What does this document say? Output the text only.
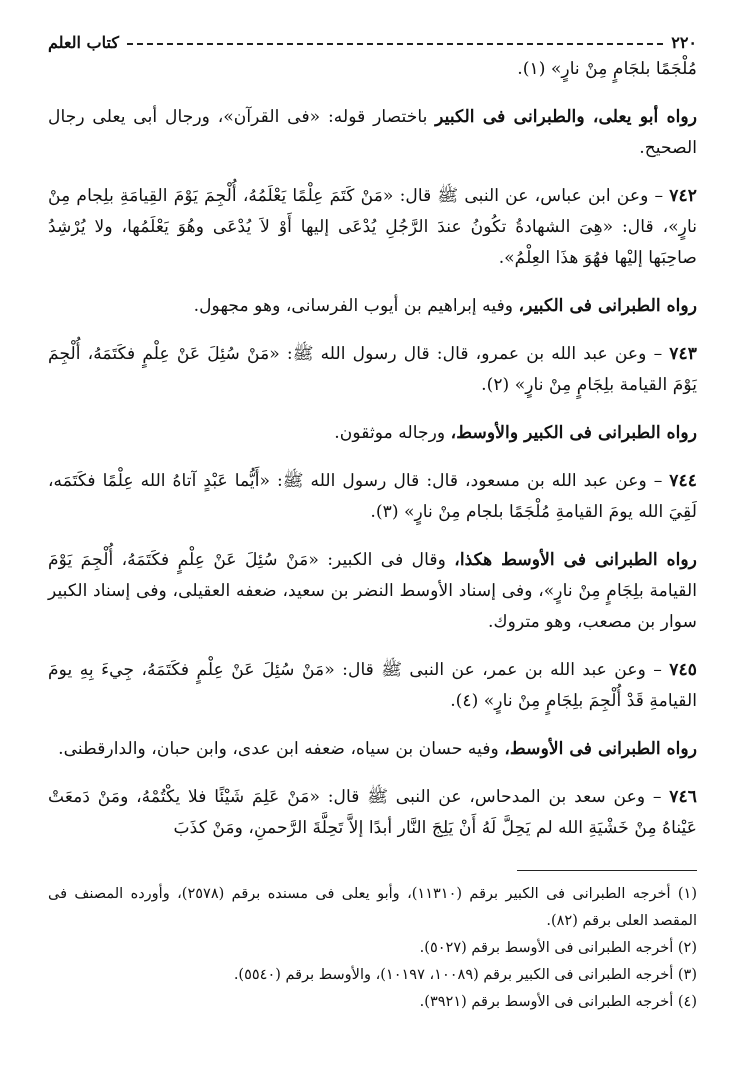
٢٢٠
كتاب العلم

مُلْجَمًا بلجَامٍ مِنْ نارٍ» (١).

رواه أبو يعلى، والطبرانى فى الكبير باختصار قوله: «فى القرآن»، ورجال أبى يعلى رجال الصحيح.

٧٤٢ – وعن ابن عباس، عن النبى ﷺ قال: «مَنْ كَتَمَ عِلْمًا يَعْلَمُهُ، أُلْجِمَ يَوْمَ القِيامَةِ بلِجام مِنْ نارٍ»، قال: «هِىَ الشهادةُ تكُونُ عندَ الرَّجُلِ يُدْعَى إليها أَوْ لاَ يُدْعَى وهُوَ يَعْلَمُها، ولا يُرْشِدُ صاحِبَها إليْها فهُوَ هذَا العِلْمُ».

رواه الطبرانى فى الكبير، وفيه إبراهيم بن أيوب الفرسانى، وهو مجهول.

٧٤٣ – وعن عبد الله بن عمرو، قال: قال رسول الله ﷺ: «مَنْ سُئِلَ عَنْ عِلْمٍ فكَتَمَهُ، أُلْجِمَ يَوْمَ القيامة بلِجَامٍ مِنْ نارٍ» (٢).

رواه الطبرانى فى الكبير والأوسط، ورجاله موثقون.

٧٤٤ – وعن عبد الله بن مسعود، قال: قال رسول الله ﷺ: «أَيُّما عَبْدٍ آتاهُ الله عِلْمًا فكَتَمَه، لَقِيَ الله يومَ القيامةِ مُلْجَمًا بلجام مِنْ نارٍ» (٣).

رواه الطبرانى فى الأوسط هكذا، وقال فى الكبير: «مَنْ سُئِلَ عَنْ عِلْمٍ فكَتَمَهُ، أُلْجِمَ يَوْمَ القيامة بلِجَامٍ مِنْ نارٍ»، وفى إسناد الأوسط النضر بن سعيد، ضعفه العقيلى، وفى إسناد الكبير سوار بن مصعب، وهو متروك.

٧٤٥ – وعن عبد الله بن عمر، عن النبى ﷺ قال: «مَنْ سُئِلَ عَنْ عِلْمٍ فكَتَمَهُ، جِيءَ بِهِ يومَ القيامةِ قَدْ أُلْجِمَ بلِجَامٍ مِنْ نارٍ» (٤).

رواه الطبرانى فى الأوسط، وفيه حسان بن سياه، ضعفه ابن عدى، وابن حبان، والدارقطنى.

٧٤٦ – وعن سعد بن المدحاس، عن النبى ﷺ قال: «مَنْ عَلِمَ شَيْئًا فلا يكْتُمْهُ، ومَنْ دَمعَتْ عَيْناهُ مِنْ خَشْيَةِ الله لم يَحِلَّ لَهُ أَنْ يَلِجَ النَّار أبدًا إلاَّ تَحِلَّةَ الرَّحمنِ، ومَنْ كذَبَ

(١) أخرجه الطبرانى فى الكبير برقم (١١٣١٠)، وأبو يعلى فى مسنده برقم (٢٥٧٨)، وأورده المصنف فى المقصد العلى برقم (٨٢).

(٢) أخرجه الطبرانى فى الأوسط برقم (٥٠٢٧).

(٣) أخرجه الطبرانى فى الكبير برقم (١٠٠٨٩، ١٠١٩٧)، والأوسط برقم (٥٥٤٠).

(٤) أخرجه الطبرانى فى الأوسط برقم (٣٩٢١).
